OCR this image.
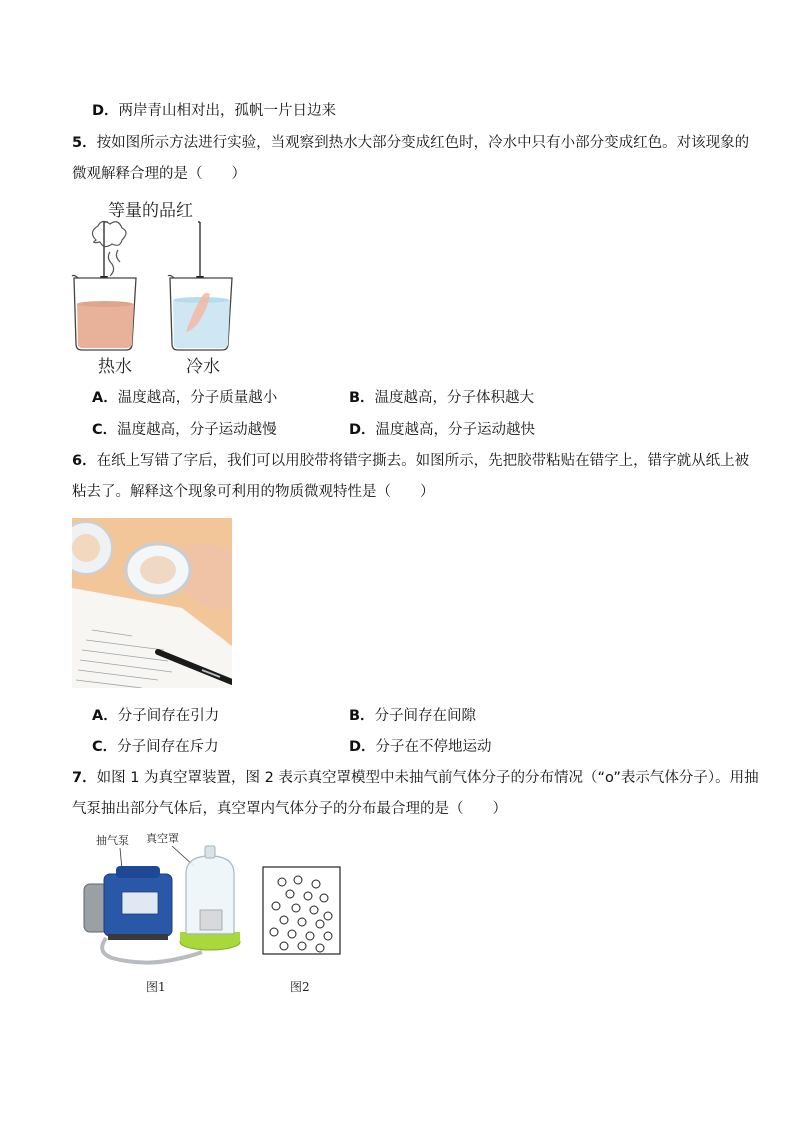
D．两岸青山相对出，孤帆一片日边来
5．按如图所示方法进行实验，当观察到热水大部分变成红色时，冷水中只有小部分变成红色。对该现象的
微观解释合理的是（　　）
等量的品红
热水	冷水
A．温度越高，分子质量越小	B．温度越高，分子体积越大
C．温度越高，分子运动越慢	D．温度越高，分子运动越快
6．在纸上写错了字后，我们可以用胶带将错字撕去。如图所示，先把胶带粘贴在错字上，错字就从纸上被
粘去了。解释这个现象可利用的物质微观特性是（　　）
A．分子间存在引力	B．分子间存在间隙
C．分子间存在斥力	D．分子在不停地运动
7．如图 1 为真空罩装置，图 2 表示真空罩模型中未抽气前气体分子的分布情况（“o”表示气体分子）。用抽
气泵抽出部分气体后，真空罩内气体分子的分布最合理的是（　　）
抽气泵 真空罩
图1	图2
